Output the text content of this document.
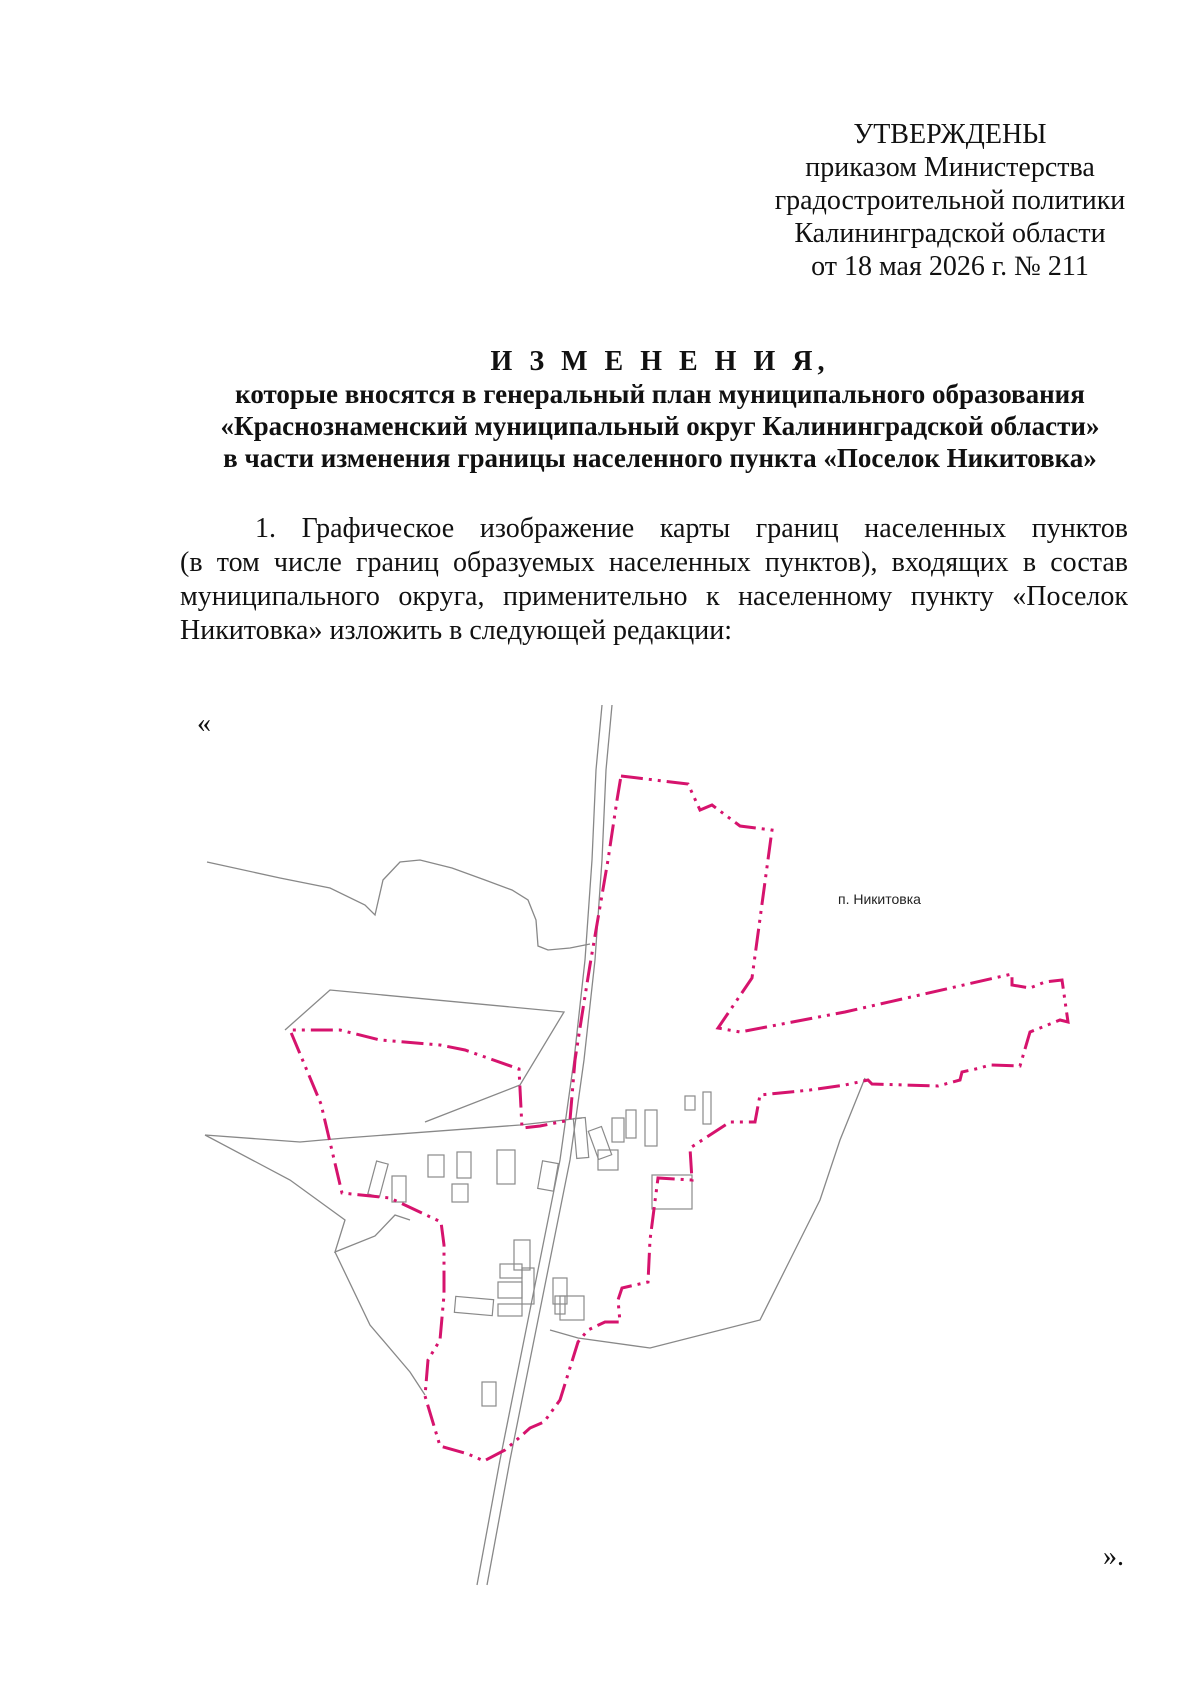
УТВЕРЖДЕНЫ
приказом Министерства
градостроительной политики
Калининградской области
от 18 мая 2026 г. № 211
И З М Е Н Е Н И Я,
которые вносятся в генеральный план муниципального образования
«Краснознаменский муниципальный округ Калининградской области»
в части изменения границы населенного пункта «Поселок Никитовка»
1. Графическое изображение карты границ населенных пунктов
(в том числе границ образуемых населенных пунктов), входящих в состав
муниципального округа, применительно к населенному пункту «Поселок
Никитовка» изложить в следующей редакции:
«
».
п. Никитовка
